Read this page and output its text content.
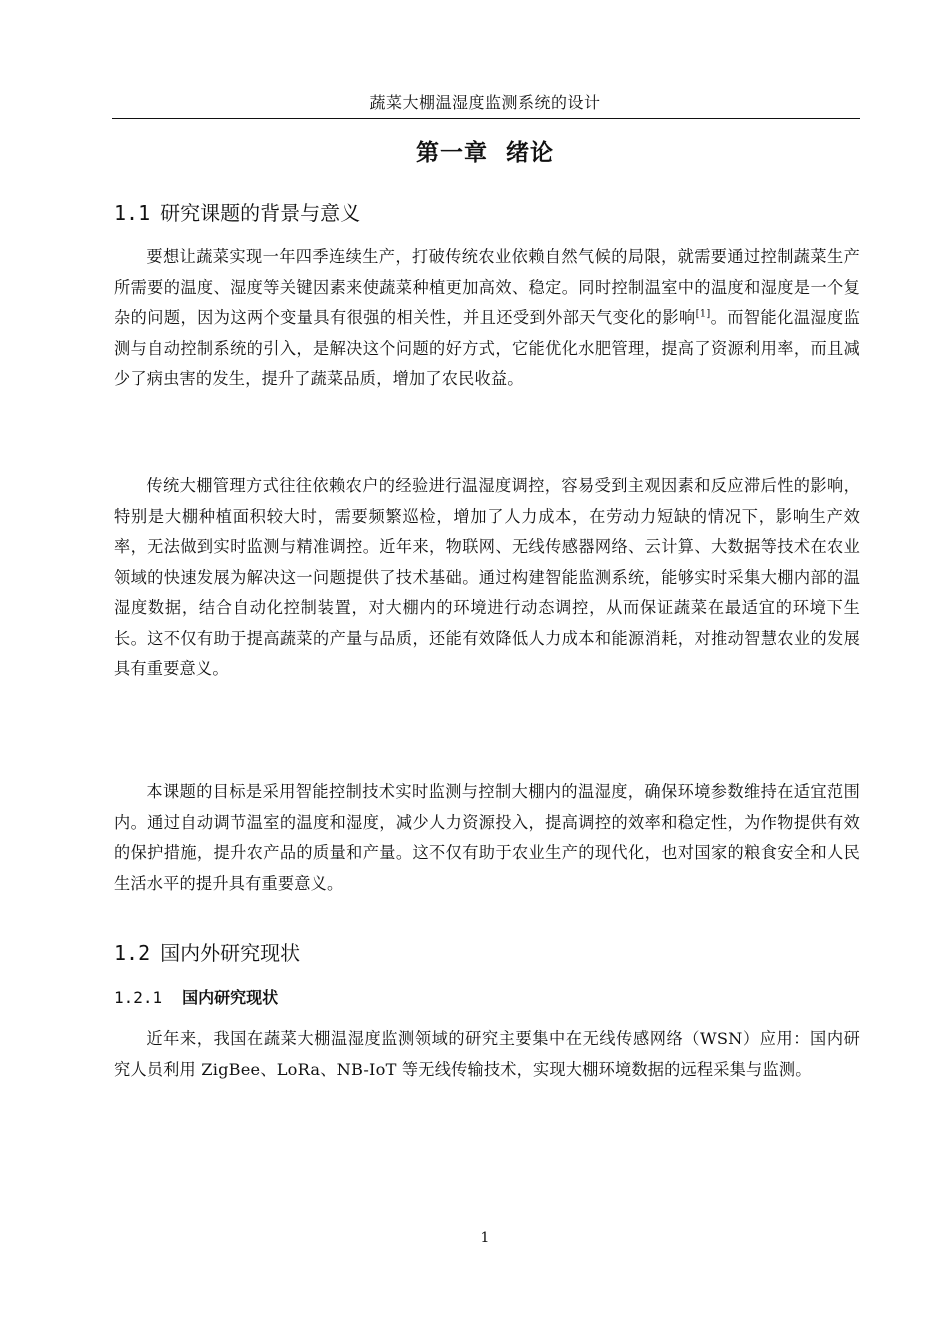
蔬菜大棚温湿度监测系统的设计
第一章  绪论
1.1 研究课题的背景与意义

要想让蔬菜实现一年四季连续生产，打破传统农业依赖自然气候的局限，就需要通过控制蔬菜生产所需要的温度、湿度等关键因素来使蔬菜种植更加高效、稳定。同时控制温室中的温度和湿度是一个复杂的问题，因为这两个变量具有很强的相关性，并且还受到外部天气变化的影响[1]。而智能化温湿度监测与自动控制系统的引入，是解决这个问题的好方式，它能优化水肥管理，提高了资源利用率，而且减少了病虫害的发生，提升了蔬菜品质，增加了农民收益。

传统大棚管理方式往往依赖农户的经验进行温湿度调控，容易受到主观因素和反应滞后性的影响，特别是大棚种植面积较大时，需要频繁巡检，增加了人力成本，在劳动力短缺的情况下，影响生产效率，无法做到实时监测与精准调控。近年来，物联网、无线传感器网络、云计算、大数据等技术在农业领域的快速发展为解决这一问题提供了技术基础。通过构建智能监测系统，能够实时采集大棚内部的温湿度数据，结合自动化控制装置，对大棚内的环境进行动态调控，从而保证蔬菜在最适宜的环境下生长。这不仅有助于提高蔬菜的产量与品质，还能有效降低人力成本和能源消耗，对推动智慧农业的发展具有重要意义。

本课题的目标是采用智能控制技术实时监测与控制大棚内的温湿度，确保环境参数维持在适宜范围内。通过自动调节温室的温度和湿度，减少人力资源投入，提高调控的效率和稳定性，为作物提供有效的保护措施，提升农产品的质量和产量。这不仅有助于农业生产的现代化，也对国家的粮食安全和人民生活水平的提升具有重要意义。

1.2 国内外研究现状
1.2.1 国内研究现状

近年来，我国在蔬菜大棚温湿度监测领域的研究主要集中在无线传感网络（WSN）应用：国内研究人员利用 ZigBee、LoRa、NB-IoT 等无线传输技术，实现大棚环境数据的远程采集与监测。

1
